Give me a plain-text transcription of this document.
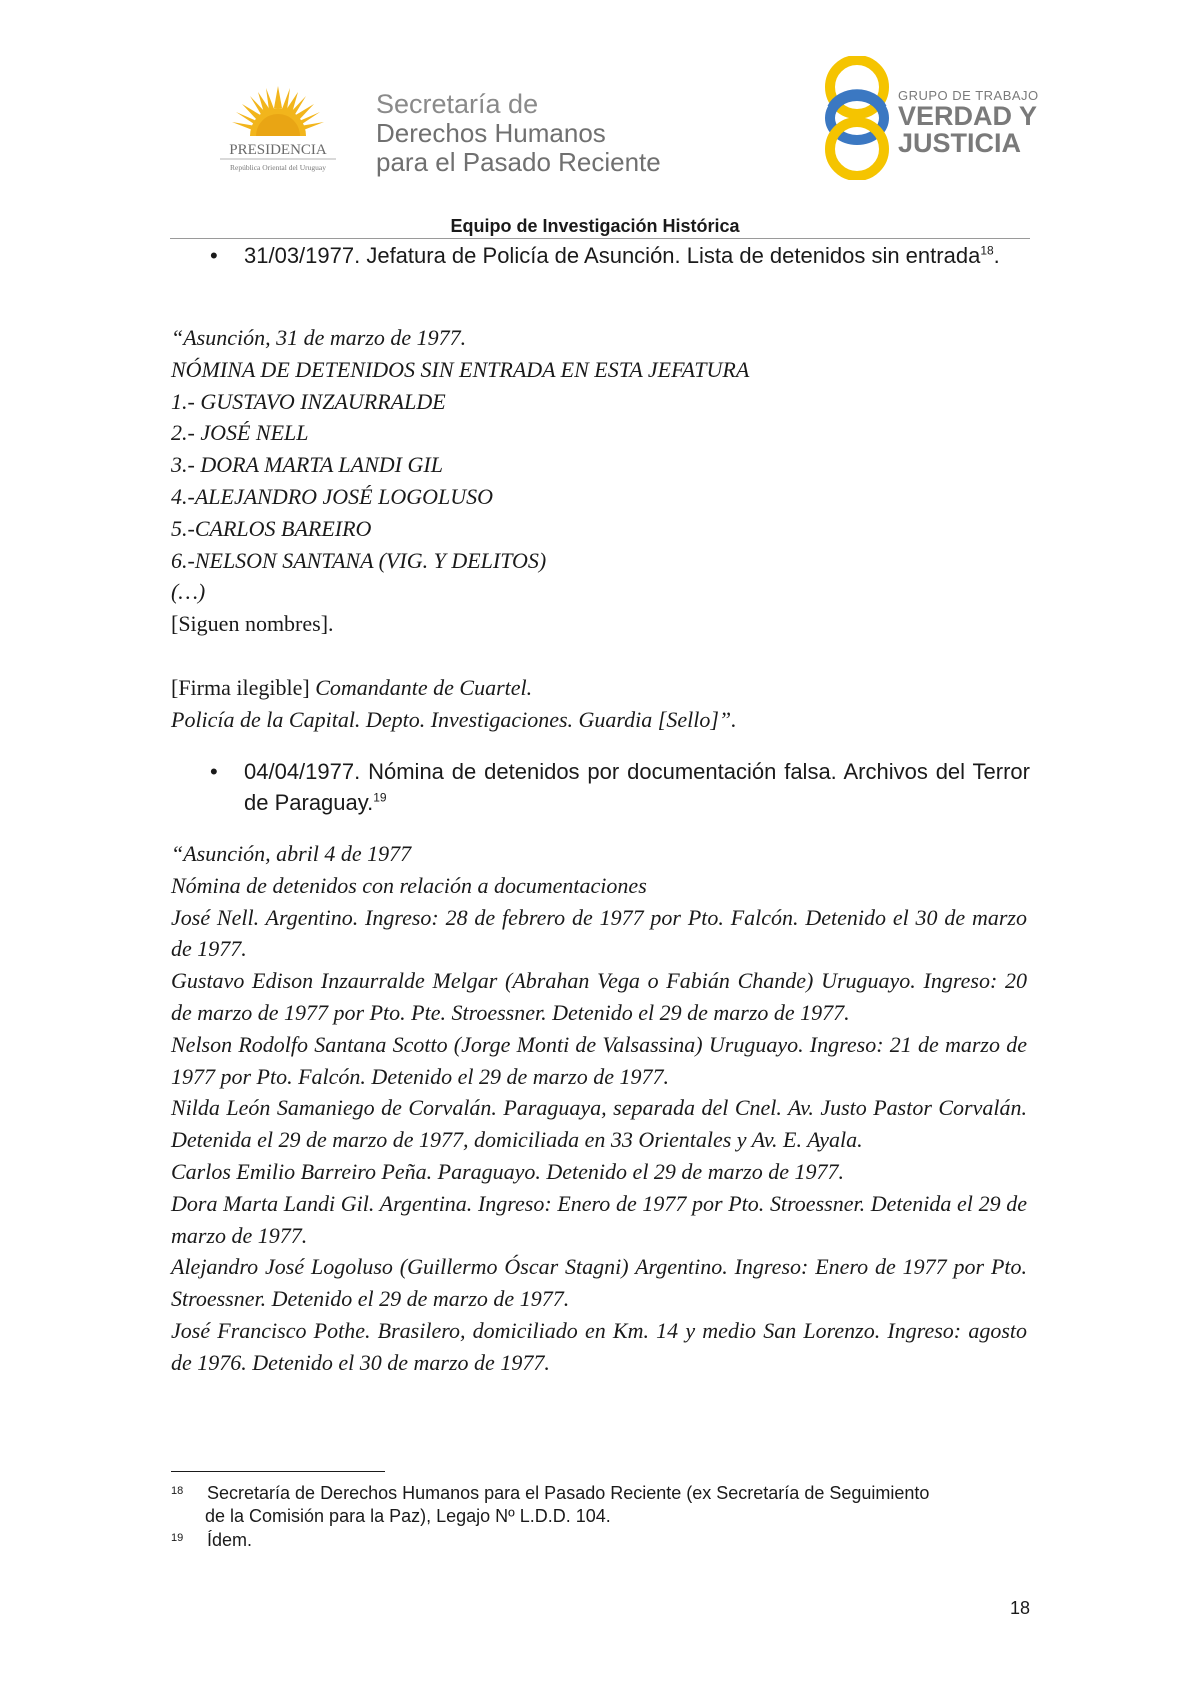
PRESIDENCIA
República Oriental del Uruguay
Secretaría de
Derechos Humanos
para el Pasado Reciente
GRUPO DE TRABAJO
VERDAD Y
JUSTICIA
Equipo de Investigación Histórica
• 31/03/1977. Jefatura de Policía de Asunción. Lista de detenidos sin entrada$^{18}$.
“Asunción, 31 de marzo de 1977.
NÓMINA DE DETENIDOS SIN ENTRADA EN ESTA JEFATURA
1.- GUSTAVO INZAURRALDE
2.- JOSÉ NELL
3.- DORA MARTA LANDI GIL
4.-ALEJANDRO JOSÉ LOGOLUSO
5.-CARLOS BAREIRO
6.-NELSON SANTANA (VIG. Y DELITOS)
(…)
[Siguen nombres].
[Firma ilegible] Comandante de Cuartel.
Policía de la Capital. Depto. Investigaciones. Guardia [Sello]”.
• 04/04/1977. Nómina de detenidos por documentación falsa. Archivos del Terror de Paraguay.$^{19}$
“Asunción, abril 4 de 1977
Nómina de detenidos con relación a documentaciones
José Nell. Argentino. Ingreso: 28 de febrero de 1977 por Pto. Falcón. Detenido el 30 de marzo de 1977.
Gustavo Edison Inzaurralde Melgar (Abrahan Vega o Fabián Chande) Uruguayo. Ingreso: 20 de marzo de 1977 por Pto. Pte. Stroessner. Detenido el 29 de marzo de 1977.
Nelson Rodolfo Santana Scotto (Jorge Monti de Valsassina) Uruguayo. Ingreso: 21 de marzo de 1977 por Pto. Falcón. Detenido el 29 de marzo de 1977.
Nilda León Samaniego de Corvalán. Paraguaya, separada del Cnel. Av. Justo Pastor Corvalán. Detenida el 29 de marzo de 1977, domiciliada en 33 Orientales y Av. E. Ayala.
Carlos Emilio Barreiro Peña. Paraguayo. Detenido el 29 de marzo de 1977.
Dora Marta Landi Gil. Argentina. Ingreso: Enero de 1977 por Pto. Stroessner. Detenida el 29 de marzo de 1977.
Alejandro José Logoluso (Guillermo Óscar Stagni) Argentino. Ingreso: Enero de 1977 por Pto. Stroessner. Detenido el 29 de marzo de 1977.
José Francisco Pothe. Brasilero, domiciliado en Km. 14 y medio San Lorenzo. Ingreso: agosto de 1976. Detenido el 30 de marzo de 1977.
18 Secretaría de Derechos Humanos para el Pasado Reciente (ex Secretaría de Seguimiento
de la Comisión para la Paz), Legajo Nº L.D.D. 104.
19 Ídem.
18
